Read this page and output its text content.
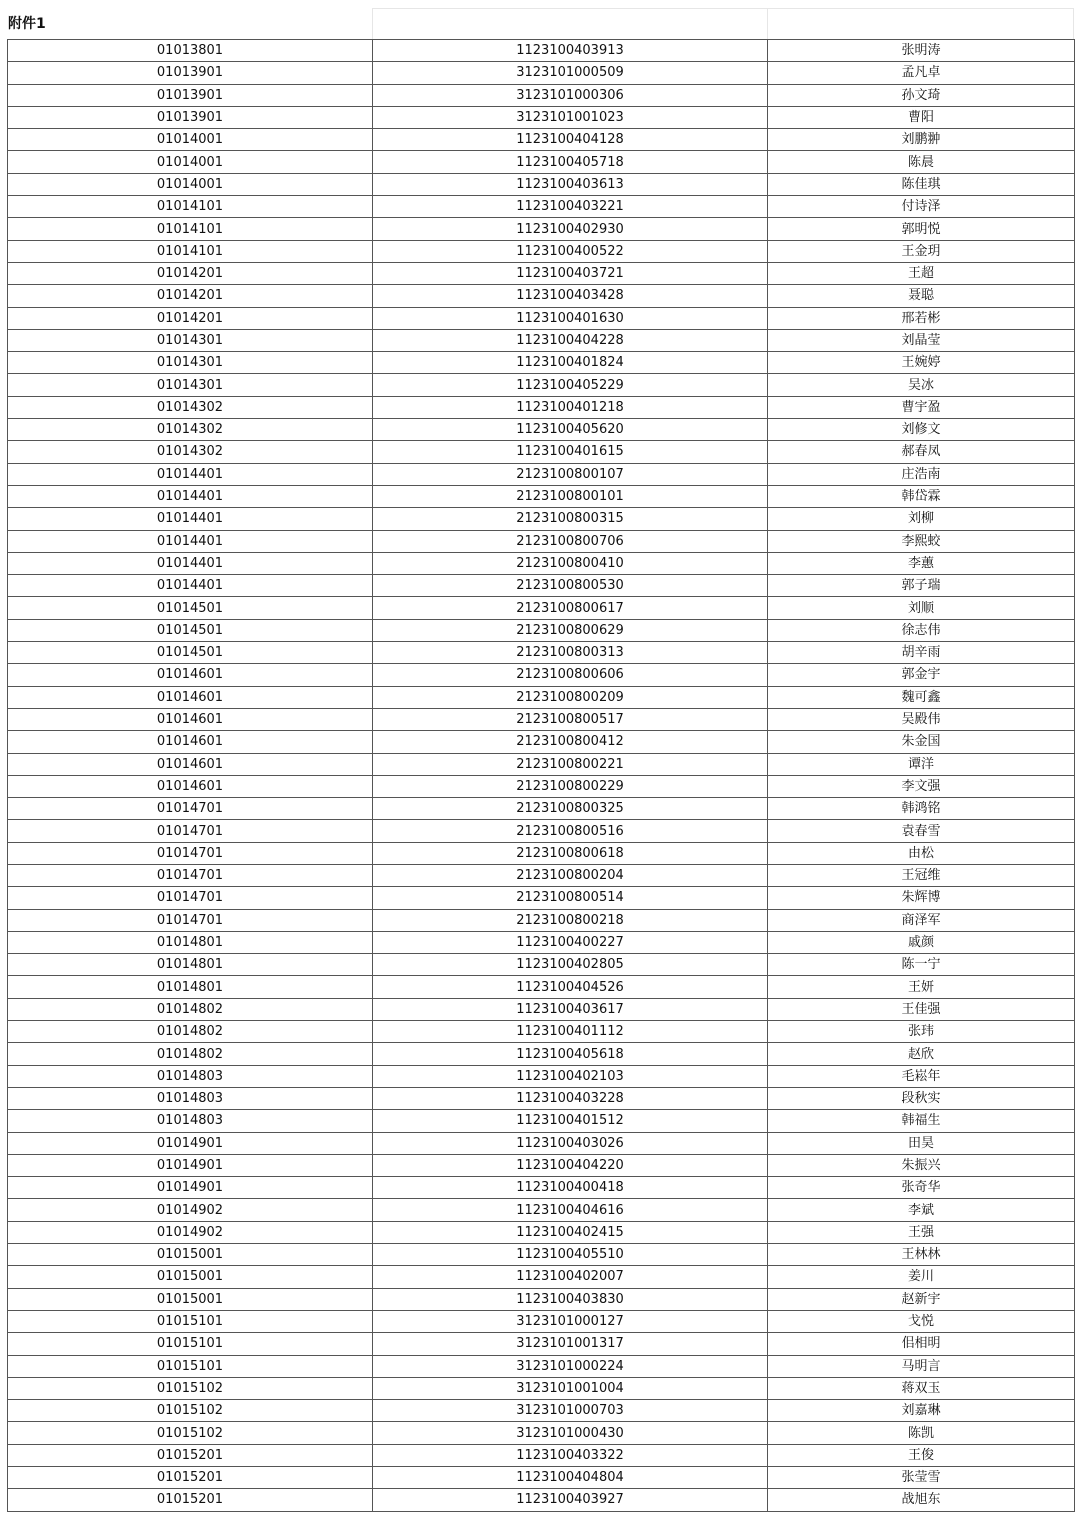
附件1
01013801	1123100403913	张明涛
01013901	3123101000509	孟凡卓
01013901	3123101000306	孙文琦
01013901	3123101001023	曹阳
01014001	1123100404128	刘鹏翀
01014001	1123100405718	陈晨
01014001	1123100403613	陈佳琪
01014101	1123100403221	付诗泽
01014101	1123100402930	郭明悦
01014101	1123100400522	王金玥
01014201	1123100403721	王超
01014201	1123100403428	聂聪
01014201	1123100401630	邢若彬
01014301	1123100404228	刘晶莹
01014301	1123100401824	王婉婷
01014301	1123100405229	吴冰
01014302	1123100401218	曹宇盈
01014302	1123100405620	刘修文
01014302	1123100401615	郝春凤
01014401	2123100800107	庄浩南
01014401	2123100800101	韩岱霖
01014401	2123100800315	刘柳
01014401	2123100800706	李熙蛟
01014401	2123100800410	李蕙
01014401	2123100800530	郭子瑞
01014501	2123100800617	刘顺
01014501	2123100800629	徐志伟
01014501	2123100800313	胡辛雨
01014601	2123100800606	郭金宇
01014601	2123100800209	魏可鑫
01014601	2123100800517	吴殿伟
01014601	2123100800412	朱金国
01014601	2123100800221	谭洋
01014601	2123100800229	李文强
01014701	2123100800325	韩鸿铭
01014701	2123100800516	袁春雪
01014701	2123100800618	由松
01014701	2123100800204	王冠维
01014701	2123100800514	朱辉博
01014701	2123100800218	商泽军
01014801	1123100400227	戚颜
01014801	1123100402805	陈一宁
01014801	1123100404526	王妍
01014802	1123100403617	王佳强
01014802	1123100401112	张玮
01014802	1123100405618	赵欣
01014803	1123100402103	毛崧年
01014803	1123100403228	段秋实
01014803	1123100401512	韩福生
01014901	1123100403026	田昊
01014901	1123100404220	朱振兴
01014901	1123100400418	张奇华
01014902	1123100404616	李斌
01014902	1123100402415	王强
01015001	1123100405510	王林林
01015001	1123100402007	姜川
01015001	1123100403830	赵新宇
01015101	3123101000127	戈悦
01015101	3123101001317	佀相明
01015101	3123101000224	马明言
01015102	3123101001004	蒋双玉
01015102	3123101000703	刘嘉琳
01015102	3123101000430	陈凯
01015201	1123100403322	王俊
01015201	1123100404804	张莹雪
01015201	1123100403927	战旭东
